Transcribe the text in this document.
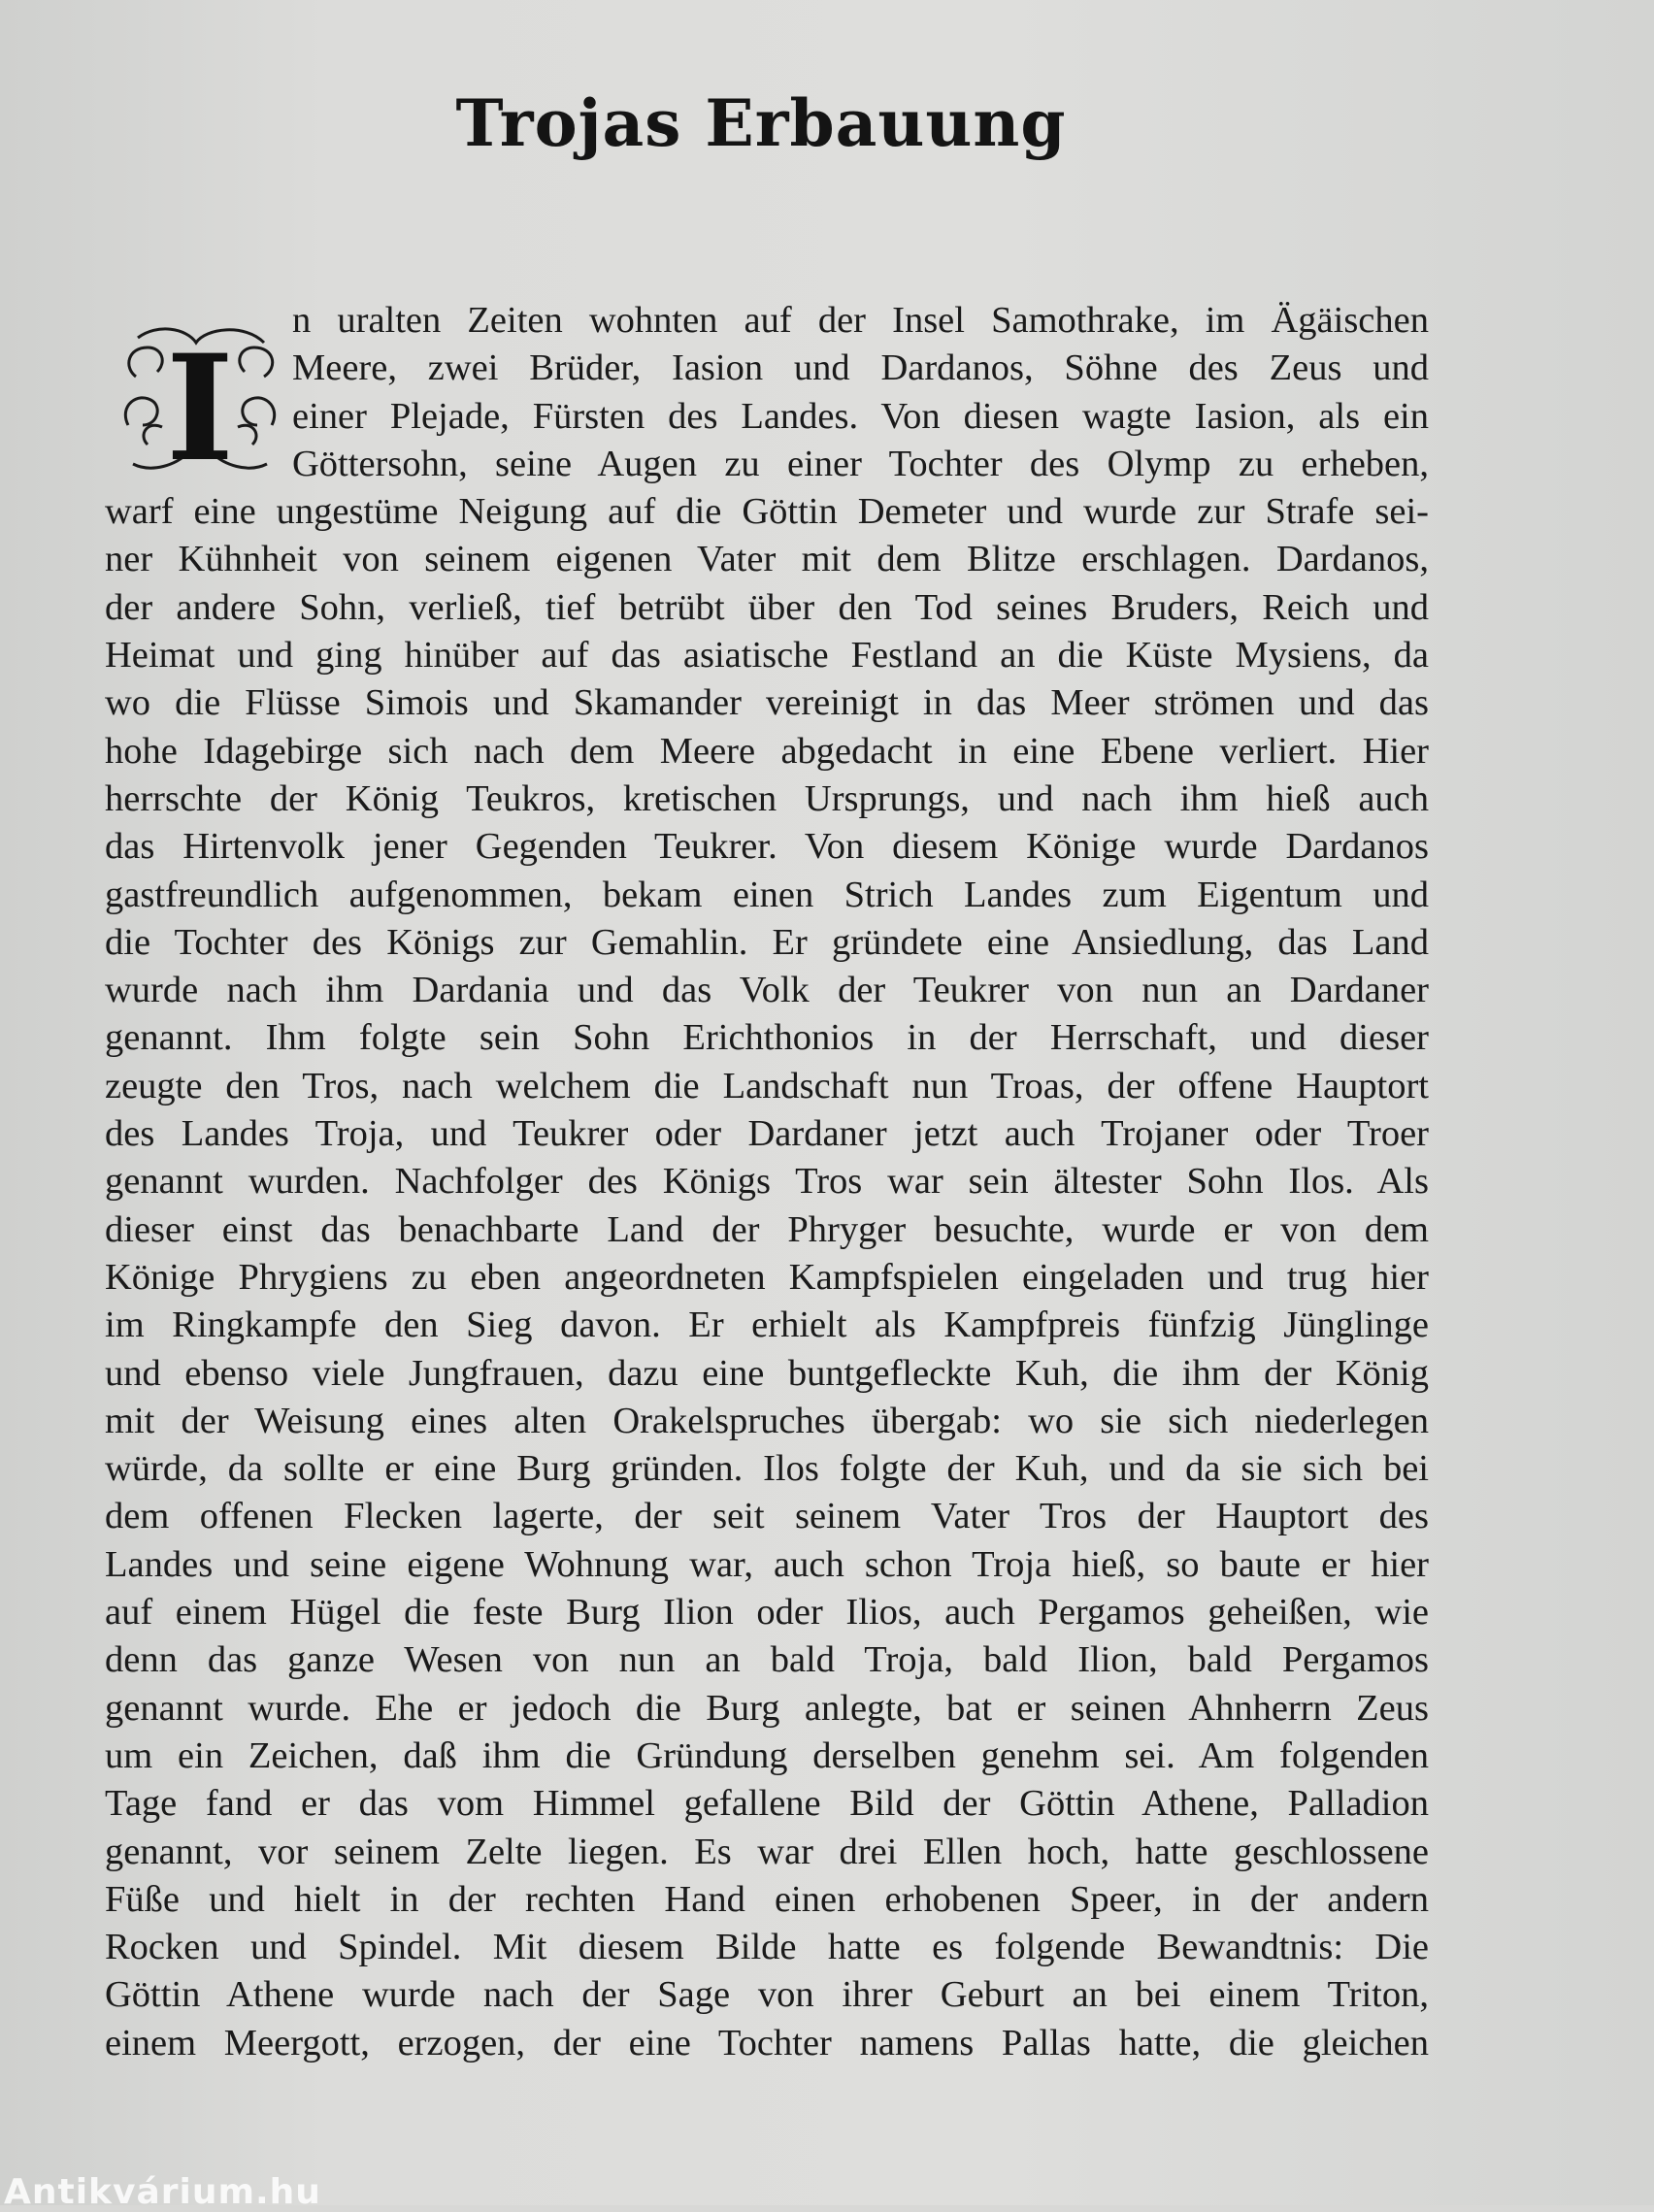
Trojas Erbauung
I
n uralten Zeiten wohnten auf der Insel Samothrake, im Ägäischen
Meere, zwei Brüder, Iasion und Dardanos, Söhne des Zeus und
einer Plejade, Fürsten des Landes. Von diesen wagte Iasion, als ein
Göttersohn, seine Augen zu einer Tochter des Olymp zu erheben,
warf eine ungestüme Neigung auf die Göttin Demeter und wurde zur Strafe sei-
ner Kühnheit von seinem eigenen Vater mit dem Blitze erschlagen. Dardanos,
der andere Sohn, verließ, tief betrübt über den Tod seines Bruders, Reich und
Heimat und ging hinüber auf das asiatische Festland an die Küste Mysiens, da
wo die Flüsse Simois und Skamander vereinigt in das Meer strömen und das
hohe Idagebirge sich nach dem Meere abgedacht in eine Ebene verliert. Hier
herrschte der König Teukros, kretischen Ursprungs, und nach ihm hieß auch
das Hirtenvolk jener Gegenden Teukrer. Von diesem Könige wurde Dardanos
gastfreundlich aufgenommen, bekam einen Strich Landes zum Eigentum und
die Tochter des Königs zur Gemahlin. Er gründete eine Ansiedlung, das Land
wurde nach ihm Dardania und das Volk der Teukrer von nun an Dardaner
genannt. Ihm folgte sein Sohn Erichthonios in der Herrschaft, und dieser
zeugte den Tros, nach welchem die Landschaft nun Troas, der offene Hauptort
des Landes Troja, und Teukrer oder Dardaner jetzt auch Trojaner oder Troer
genannt wurden. Nachfolger des Königs Tros war sein ältester Sohn Ilos. Als
dieser einst das benachbarte Land der Phryger besuchte, wurde er von dem
Könige Phrygiens zu eben angeordneten Kampfspielen eingeladen und trug hier
im Ringkampfe den Sieg davon. Er erhielt als Kampfpreis fünfzig Jünglinge
und ebenso viele Jungfrauen, dazu eine buntgefleckte Kuh, die ihm der König
mit der Weisung eines alten Orakelspruches übergab: wo sie sich niederlegen
würde, da sollte er eine Burg gründen. Ilos folgte der Kuh, und da sie sich bei
dem offenen Flecken lagerte, der seit seinem Vater Tros der Hauptort des
Landes und seine eigene Wohnung war, auch schon Troja hieß, so baute er hier
auf einem Hügel die feste Burg Ilion oder Ilios, auch Pergamos geheißen, wie
denn das ganze Wesen von nun an bald Troja, bald Ilion, bald Pergamos
genannt wurde. Ehe er jedoch die Burg anlegte, bat er seinen Ahnherrn Zeus
um ein Zeichen, daß ihm die Gründung derselben genehm sei. Am folgenden
Tage fand er das vom Himmel gefallene Bild der Göttin Athene, Palladion
genannt, vor seinem Zelte liegen. Es war drei Ellen hoch, hatte geschlossene
Füße und hielt in der rechten Hand einen erhobenen Speer, in der andern
Rocken und Spindel. Mit diesem Bilde hatte es folgende Bewandtnis: Die
Göttin Athene wurde nach der Sage von ihrer Geburt an bei einem Triton,
einem Meergott, erzogen, der eine Tochter namens Pallas hatte, die gleichen
Antikvárium.hu
